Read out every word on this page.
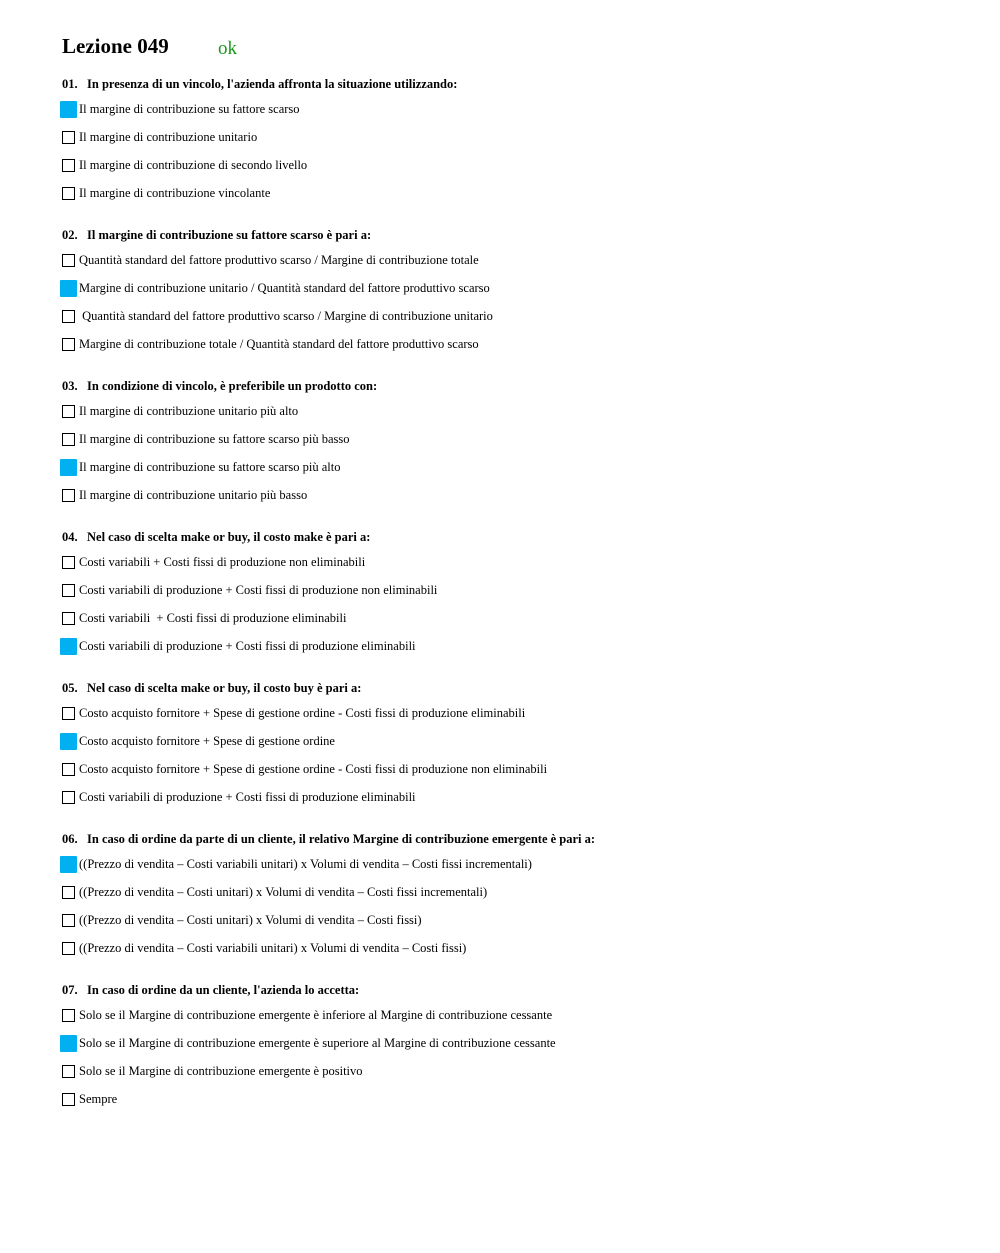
Lezione 049	ok
01. In presenza di un vincolo, l'azienda affronta la situazione utilizzando:
Il margine di contribuzione su fattore scarso
Il margine di contribuzione unitario
Il margine di contribuzione di secondo livello
Il margine di contribuzione vincolante
02. Il margine di contribuzione su fattore scarso è pari a:
Quantità standard del fattore produttivo scarso / Margine di contribuzione totale
Margine di contribuzione unitario / Quantità standard del fattore produttivo scarso
Quantità standard del fattore produttivo scarso / Margine di contribuzione unitario
Margine di contribuzione totale / Quantità standard del fattore produttivo scarso
03. In condizione di vincolo, è preferibile un prodotto con:
Il margine di contribuzione unitario più alto
Il margine di contribuzione su fattore scarso più basso
Il margine di contribuzione su fattore scarso più alto
Il margine di contribuzione unitario più basso
04. Nel caso di scelta make or buy, il costo make è pari a:
Costi variabili + Costi fissi di produzione non eliminabili
Costi variabili di produzione + Costi fissi di produzione non eliminabili
Costi variabili  + Costi fissi di produzione eliminabili
Costi variabili di produzione + Costi fissi di produzione eliminabili
05. Nel caso di scelta make or buy, il costo buy è pari a:
Costo acquisto fornitore + Spese di gestione ordine - Costi fissi di produzione eliminabili
Costo acquisto fornitore + Spese di gestione ordine
Costo acquisto fornitore + Spese di gestione ordine - Costi fissi di produzione non eliminabili
Costi variabili di produzione + Costi fissi di produzione eliminabili
06. In caso di ordine da parte di un cliente, il relativo Margine di contribuzione emergente è pari a:
((Prezzo di vendita – Costi variabili unitari) x Volumi di vendita – Costi fissi incrementali)
((Prezzo di vendita – Costi unitari) x Volumi di vendita – Costi fissi incrementali)
((Prezzo di vendita – Costi unitari) x Volumi di vendita – Costi fissi)
((Prezzo di vendita – Costi variabili unitari) x Volumi di vendita – Costi fissi)
07. In caso di ordine da un cliente, l'azienda lo accetta:
Solo se il Margine di contribuzione emergente è inferiore al Margine di contribuzione cessante
Solo se il Margine di contribuzione emergente è superiore al Margine di contribuzione cessante
Solo se il Margine di contribuzione emergente è positivo
Sempre
